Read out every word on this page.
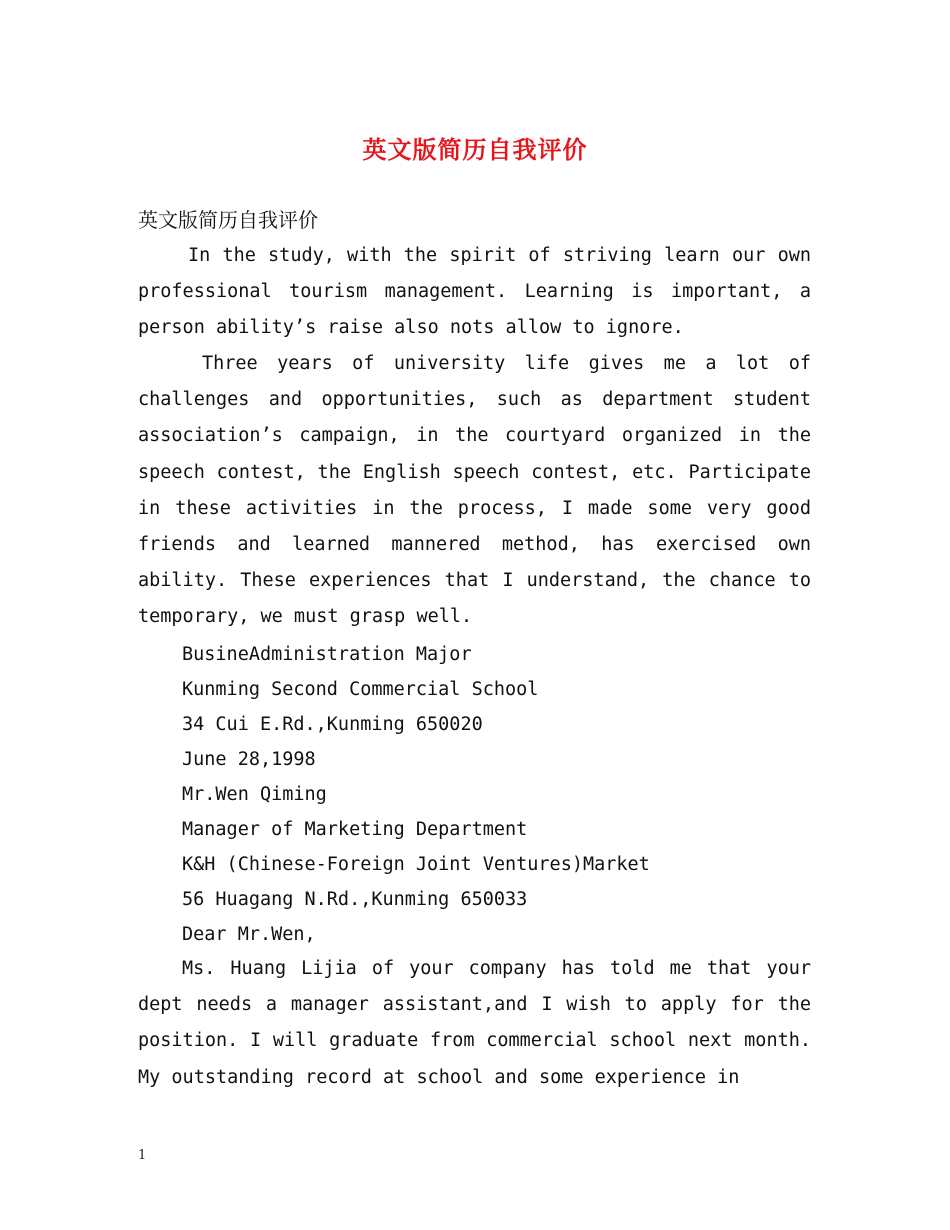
英文版简历自我评价
英文版简历自我评价

In the study, with the spirit of striving learn our own professional tourism management. Learning is important, a person ability’s raise also nots allow to ignore.

Three years of university life gives me a lot of challenges and opportunities, such as department student association’s campaign, in the courtyard organized in the speech contest, the English speech contest, etc. Participate in these activities in the process, I made some very good friends and learned mannered method, has exercised own ability. These experiences that I understand, the chance to temporary, we must grasp well.

BusineAdministration Major
Kunming Second Commercial School
34 Cui E.Rd.,Kunming 650020
June 28,1998
Mr.Wen Qiming
Manager of Marketing Department
K&H (Chinese-Foreign Joint Ventures)Market
56 Huagang N.Rd.,Kunming 650033
Dear Mr.Wen,

Ms. Huang Lijia of your company has told me that your dept needs a manager assistant,and I wish to apply for the position. I will graduate from commercial school next month. My outstanding record at school and some experience in

1
